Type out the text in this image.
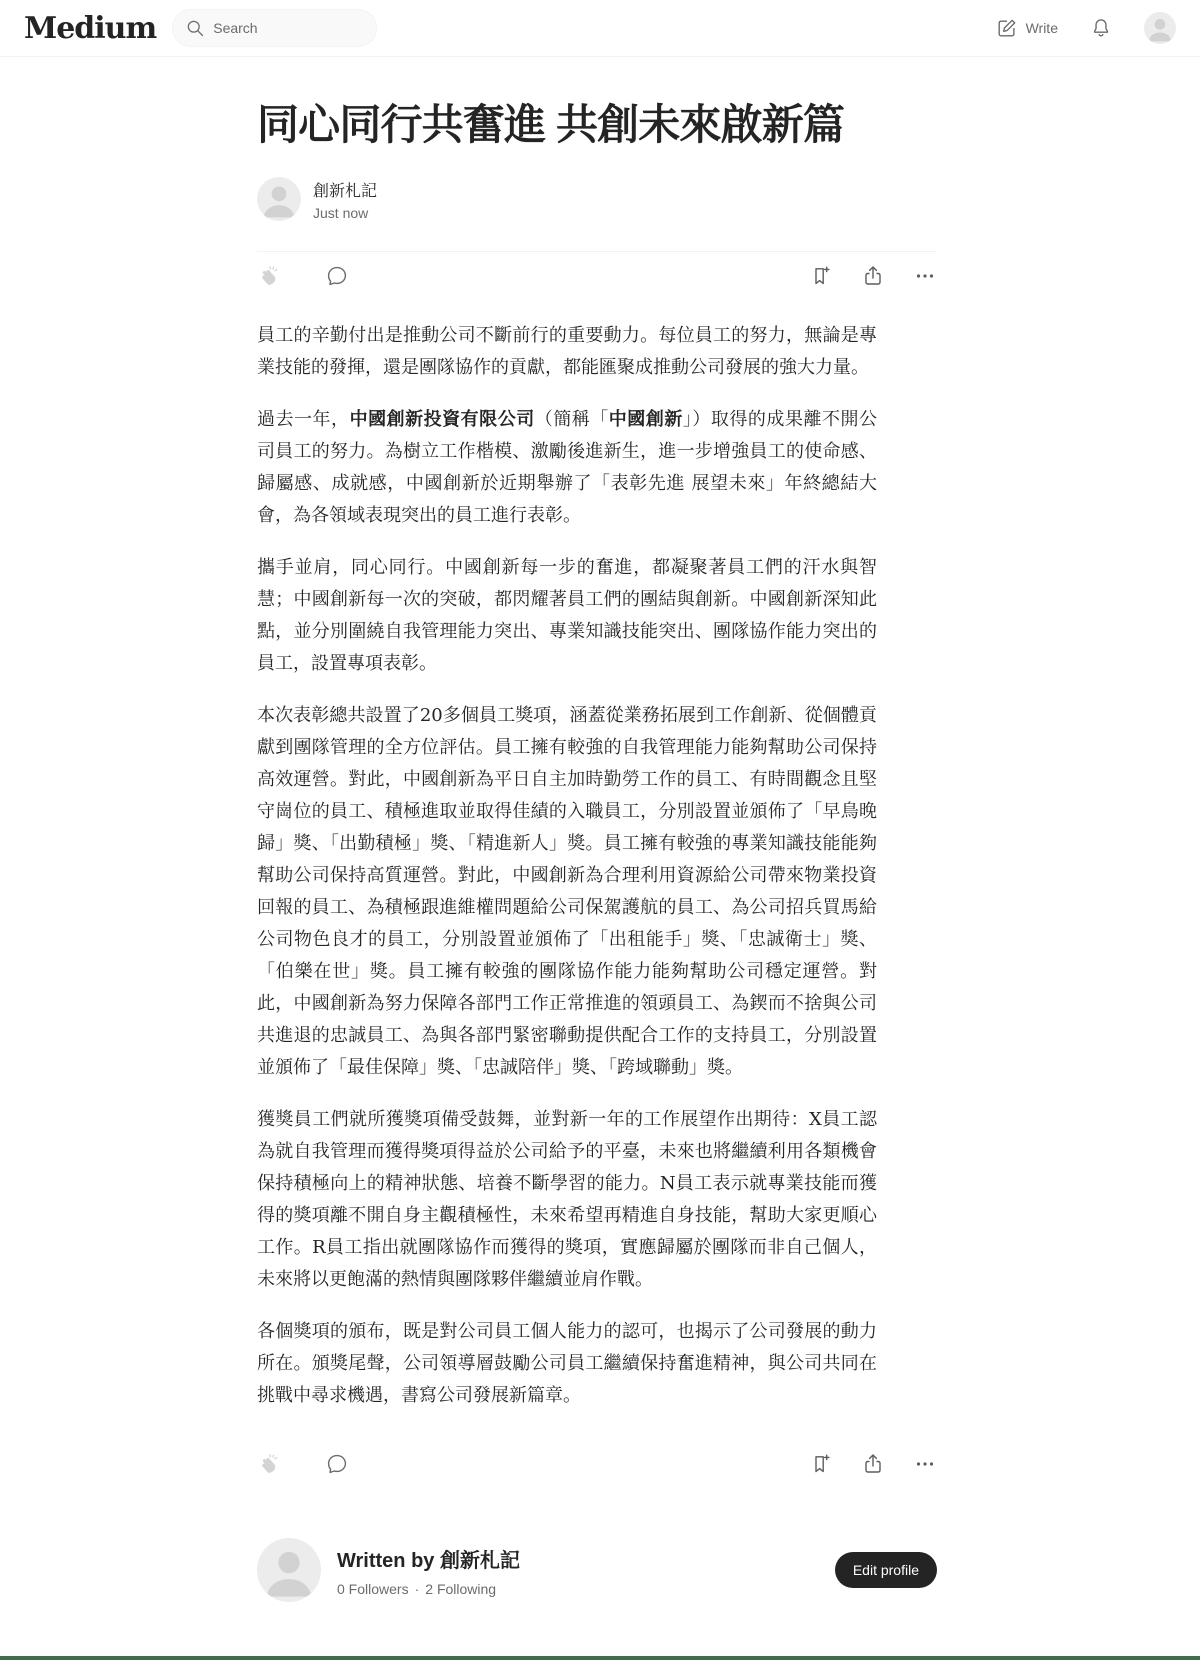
Medium
Search	Write
同心同行共奮進 共創未來啟新篇
創新札記
Just now

員工的辛勤付出是推動公司不斷前行的重要動力。每位員工的努力，無論是專業技能的發揮，還是團隊協作的貢獻，都能匯聚成推動公司發展的強大力量。

過去一年，中國創新投資有限公司（簡稱「中國創新」）取得的成果離不開公司員工的努力。為樹立工作楷模、激勵後進新生，進一步增強員工的使命感、歸屬感、成就感，中國創新於近期舉辦了「表彰先進 展望未來」年終總結大會，為各領域表現突出的員工進行表彰。

攜手並肩，同心同行。中國創新每一步的奮進，都凝聚著員工們的汗水與智慧；中國創新每一次的突破，都閃耀著員工們的團結與創新。中國創新深知此點，並分別圍繞自我管理能力突出、專業知識技能突出、團隊協作能力突出的員工，設置專項表彰。

本次表彰總共設置了20多個員工獎項，涵蓋從業務拓展到工作創新、從個體貢獻到團隊管理的全方位評估。員工擁有較強的自我管理能力能夠幫助公司保持高效運營。對此，中國創新為平日自主加時勤勞工作的員工、有時間觀念且堅守崗位的員工、積極進取並取得佳績的入職員工，分別設置並頒佈了「早鳥晚歸」獎、「出勤積極」獎、「精進新人」獎。員工擁有較強的專業知識技能能夠幫助公司保持高質運營。對此，中國創新為合理利用資源給公司帶來物業投資回報的員工、為積極跟進維權問題給公司保駕護航的員工、為公司招兵買馬給公司物色良才的員工，分別設置並頒佈了「出租能手」獎、「忠誠衛士」獎、「伯樂在世」獎。員工擁有較強的團隊協作能力能夠幫助公司穩定運營。對此，中國創新為努力保障各部門工作正常推進的領頭員工、為鍥而不捨與公司共進退的忠誠員工、為與各部門緊密聯動提供配合工作的支持員工，分別設置並頒佈了「最佳保障」獎、「忠誠陪伴」獎、「跨域聯動」獎。

獲獎員工們就所獲獎項備受鼓舞，並對新一年的工作展望作出期待：X員工認為就自我管理而獲得獎項得益於公司給予的平臺，未來也將繼續利用各類機會保持積極向上的精神狀態、培養不斷學習的能力。N員工表示就專業技能而獲得的獎項離不開自身主觀積極性，未來希望再精進自身技能，幫助大家更順心工作。R員工指出就團隊協作而獲得的獎項，實應歸屬於團隊而非自己個人，未來將以更飽滿的熱情與團隊夥伴繼續並肩作戰。

各個獎項的頒布，既是對公司員工個人能力的認可，也揭示了公司發展的動力所在。頒獎尾聲，公司領導層鼓勵公司員工繼續保持奮進精神，與公司共同在挑戰中尋求機遇，書寫公司發展新篇章。

Written by 創新札記
0 Followers · 2 Following
Edit profile
